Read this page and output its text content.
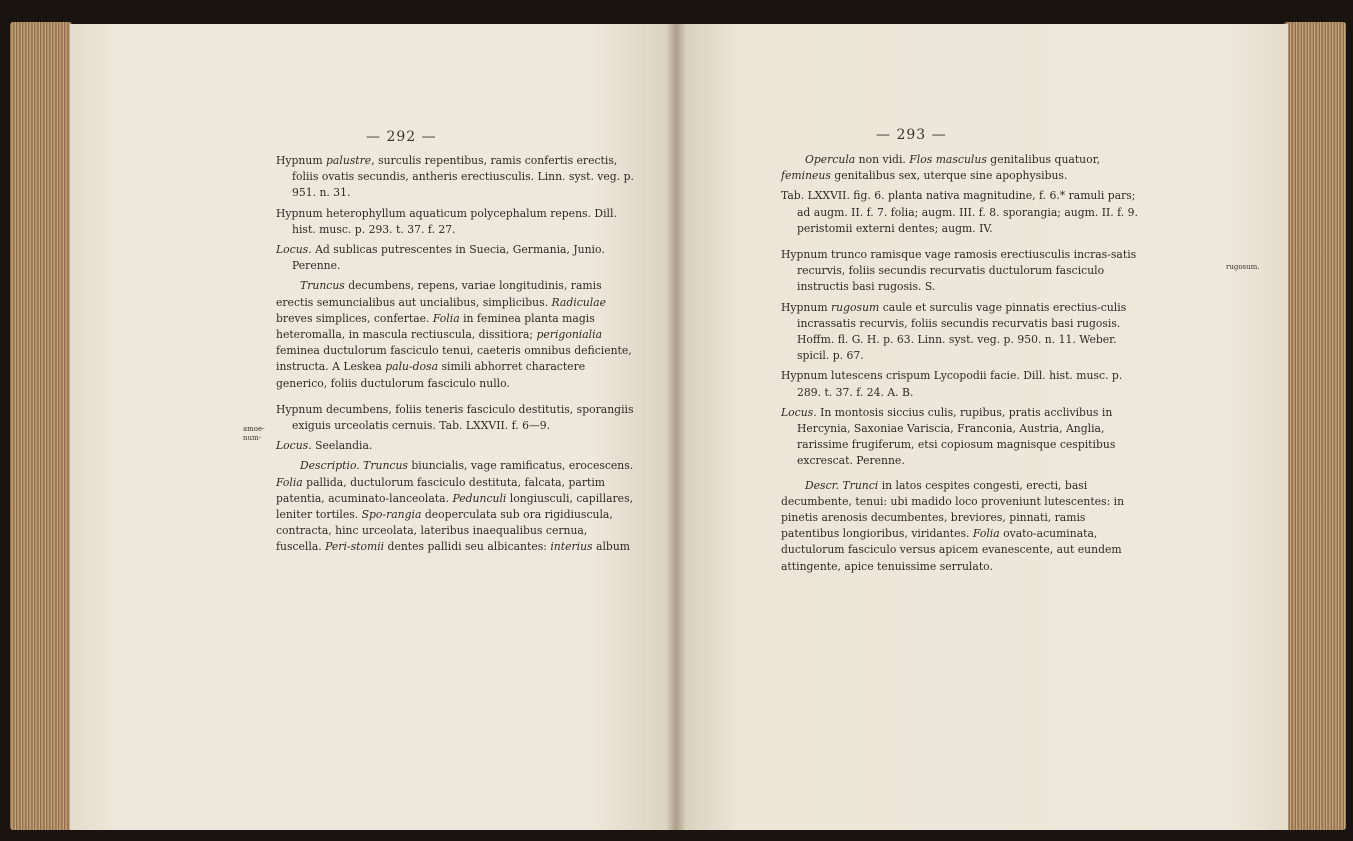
— 292 —	— 293 —
amoe- num-
rugosum.

Hypnum palustre, surculis repentibus, ramis confertis erectis, foliis ovatis secundis, antheris erectiusculis. Linn. syst. veg. p. 951. n. 31.

Hypnum heterophyllum aquaticum polycephalum repens. Dill. hist. musc. p. 293. t. 37. f. 27.

Locus. Ad sublicas putrescentes in Suecia, Germania, Junio. Perenne.

Truncus decumbens, repens, variae longitudinis, ramis erectis semuncialibus aut uncialibus, simplicibus. Radiculae breves simplices, confertae. Folia in feminea planta magis heteromalla, in mascula rectiuscula, dissitiora; perigonialia feminea ductulorum fasciculo tenui, caeteris omnibus deficiente, instructa. A Leskea palu-dosa simili abhorret charactere generico, foliis ductulorum fasciculo nullo.

Hypnum decumbens, foliis teneris fasciculo destitutis, sporangiis exiguis urceolatis cernuis. Tab. LXXVII. f. 6—9.

Locus. Seelandia.

Descriptio. Truncus biuncialis, vage ramificatus, erocescens. Folia pallida, ductulorum fasciculo destituta, falcata, partim patentia, acuminato-lanceolata. Pedunculi longiusculi, capillares, leniter tortiles. Spo-rangia deoperculata sub ora rigidiuscula, contracta, hinc urceolata, lateribus inaequalibus cernua, fuscella. Peri-stomii dentes pallidi seu albicantes: interius album

Opercula non vidi. Flos masculus genitalibus quatuor, femineus genitalibus sex, uterque sine apophysibus.

Tab. LXXVII. fig. 6. planta nativa magnitudine, f. 6.* ramuli pars; ad augm. II. f. 7. folia; augm. III. f. 8. sporangia; augm. II. f. 9. peristomii externi dentes; augm. IV.

Hypnum trunco ramisque vage ramosis erectiusculis incras-satis recurvis, foliis secundis recurvatis ductulorum fasciculo instructis basi rugosis. S.

Hypnum rugosum caule et surculis vage pinnatis erectius-culis incrassatis recurvis, foliis secundis recurvatis basi rugosis. Hoffm. fl. G. H. p. 63. Linn. syst. veg. p. 950. n. 11. Weber. spicil. p. 67.

Hypnum lutescens crispum Lycopodii facie. Dill. hist. musc. p. 289. t. 37. f. 24. A. B.

Locus. In montosis siccius culis, rupibus, pratis acclivibus in Hercynia, Saxoniae Variscia, Franconia, Austria, Anglia, rarissime frugiferum, etsi copiosum magnisque cespitibus excrescat. Perenne.

Descr. Trunci in latos cespites congesti, erecti, basi decumbente, tenui: ubi madido loco proveniunt lutescentes: in pinetis arenosis decumbentes, breviores, pinnati, ramis patentibus longioribus, viridantes. Folia ovato-acuminata, ductulorum fasciculo versus apicem evanescente, aut eundem attingente, apice tenuissime serrulato.
